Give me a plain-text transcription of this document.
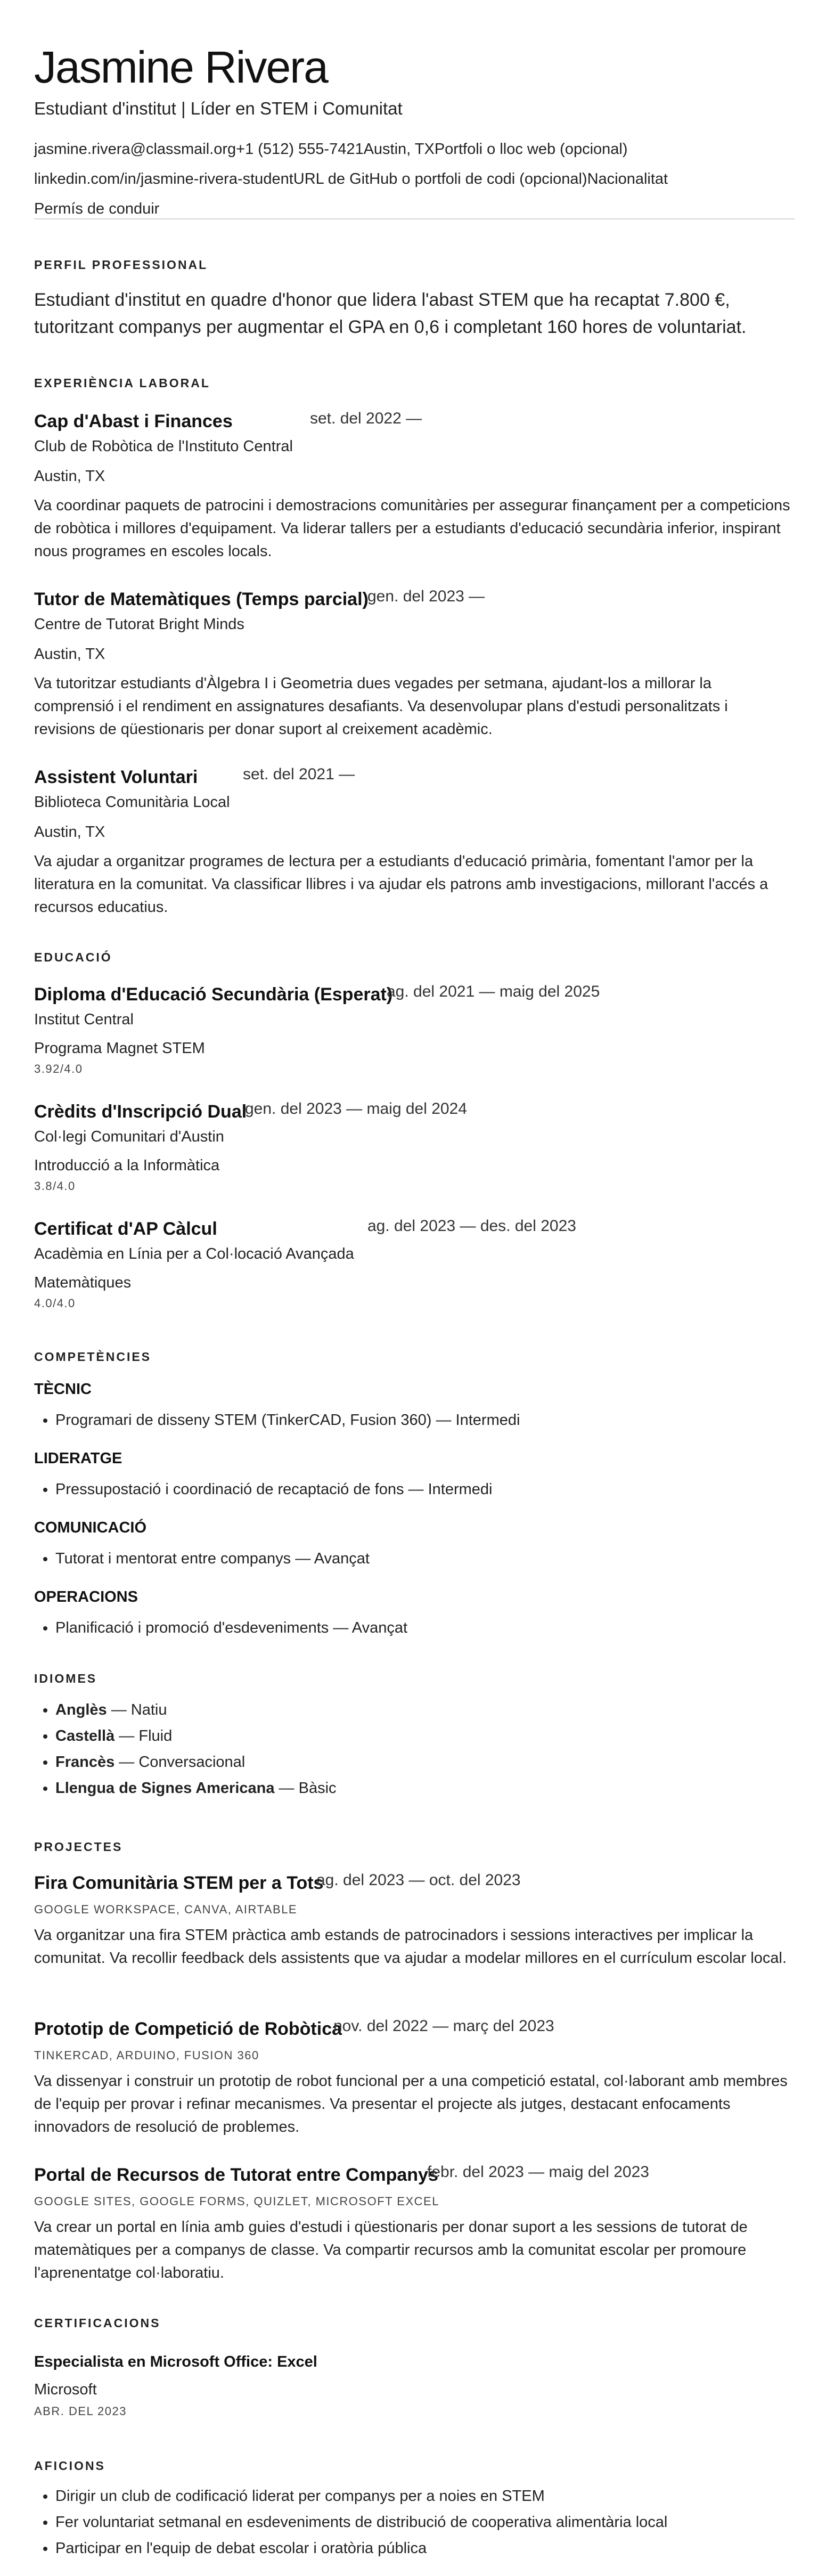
Jasmine Rivera
Estudiant d'institut | Líder en STEM i Comunitat
jasmine.rivera@classmail.org+1 (512) 555-7421Austin, TXPortfoli o lloc web (opcional)
linkedin.com/in/jasmine-rivera-studentURL de GitHub o portfoli de codi (opcional)Nacionalitat
Permís de conduir
PERFIL PROFESSIONAL
Estudiant d'institut en quadre d'honor que lidera l'abast STEM que ha recaptat 7.800 €, tutoritzant companys per augmentar el GPA en 0,6 i completant 160 hores de voluntariat.
EXPERIÈNCIA LABORAL
Cap d'Abast i Finances	set. del 2022 —
Club de Robòtica de l'Instituto Central
Austin, TX
Va coordinar paquets de patrocini i demostracions comunitàries per assegurar finançament per a competicions de robòtica i millores d'equipament. Va liderar tallers per a estudiants d'educació secundària inferior, inspirant nous programes en escoles locals.
Tutor de Matemàtiques (Temps parcial)
gen. del 2023 —
Centre de Tutorat Bright Minds
Austin, TX
Va tutoritzar estudiants d'Àlgebra I i Geometria dues vegades per setmana, ajudant-los a millorar la comprensió i el rendiment en assignatures desafiants. Va desenvolupar plans d'estudi personalitzats i revisions de qüestionaris per donar suport al creixement acadèmic.
Assistent Voluntari	set. del 2021 —
Biblioteca Comunitària Local
Austin, TX
Va ajudar a organitzar programes de lectura per a estudiants d'educació primària, fomentant l'amor per la literatura en la comunitat. Va classificar llibres i va ajudar els patrons amb investigacions, millorant l'accés a recursos educatius.
EDUCACIÓ
Diploma d'Educació Secundària (Esperat)
ag. del 2021 — maig del 2025
Institut Central
Programa Magnet STEM
3.92/4.0
Crèdits d'Inscripció Dual
gen. del 2023 — maig del 2024
Col·legi Comunitari d'Austin
Introducció a la Informàtica
3.8/4.0
Certificat d'AP Càlcul	ag. del 2023 — des. del 2023
Acadèmia en Línia per a Col·locació Avançada
Matemàtiques
4.0/4.0
COMPETÈNCIES
TÈCNIC
• Programari de disseny STEM (TinkerCAD, Fusion 360) — Intermedi
LIDERATGE
• Pressupostació i coordinació de recaptació de fons — Intermedi
COMUNICACIÓ
• Tutorat i mentorat entre companys — Avançat
OPERACIONS
• Planificació i promoció d'esdeveniments — Avançat
IDIOMES
• Anglès — Natiu
• Castellà — Fluid
• Francès — Conversacional
• Llengua de Signes Americana — Bàsic
PROJECTES
Fira Comunitària STEM per a Tots
ag. del 2023 — oct. del 2023
GOOGLE WORKSPACE, CANVA, AIRTABLE
Va organitzar una fira STEM pràctica amb estands de patrocinadors i sessions interactives per implicar la comunitat. Va recollir feedback dels assistents que va ajudar a modelar millores en el currículum escolar local.
Prototip de Competició de Robòtica
nov. del 2022 — març del 2023
TINKERCAD, ARDUINO, FUSION 360
Va dissenyar i construir un prototip de robot funcional per a una competició estatal, col·laborant amb membres de l'equip per provar i refinar mecanismes. Va presentar el projecte als jutges, destacant enfocaments innovadors de resolució de problemes.
Portal de Recursos de Tutorat entre Companys
febr. del 2023 — maig del 2023
GOOGLE SITES, GOOGLE FORMS, QUIZLET, MICROSOFT EXCEL
Va crear un portal en línia amb guies d'estudi i qüestionaris per donar suport a les sessions de tutorat de matemàtiques per a companys de classe. Va compartir recursos amb la comunitat escolar per promoure l'aprenentatge col·laboratiu.
CERTIFICACIONS
Especialista en Microsoft Office: Excel
Microsoft
ABR. DEL 2023
AFICIONS
• Dirigir un club de codificació liderat per companys per a noies en STEM
• Fer voluntariat setmanal en esdeveniments de distribució de cooperativa alimentària local
• Participar en l'equip de debat escolar i oratòria pública
